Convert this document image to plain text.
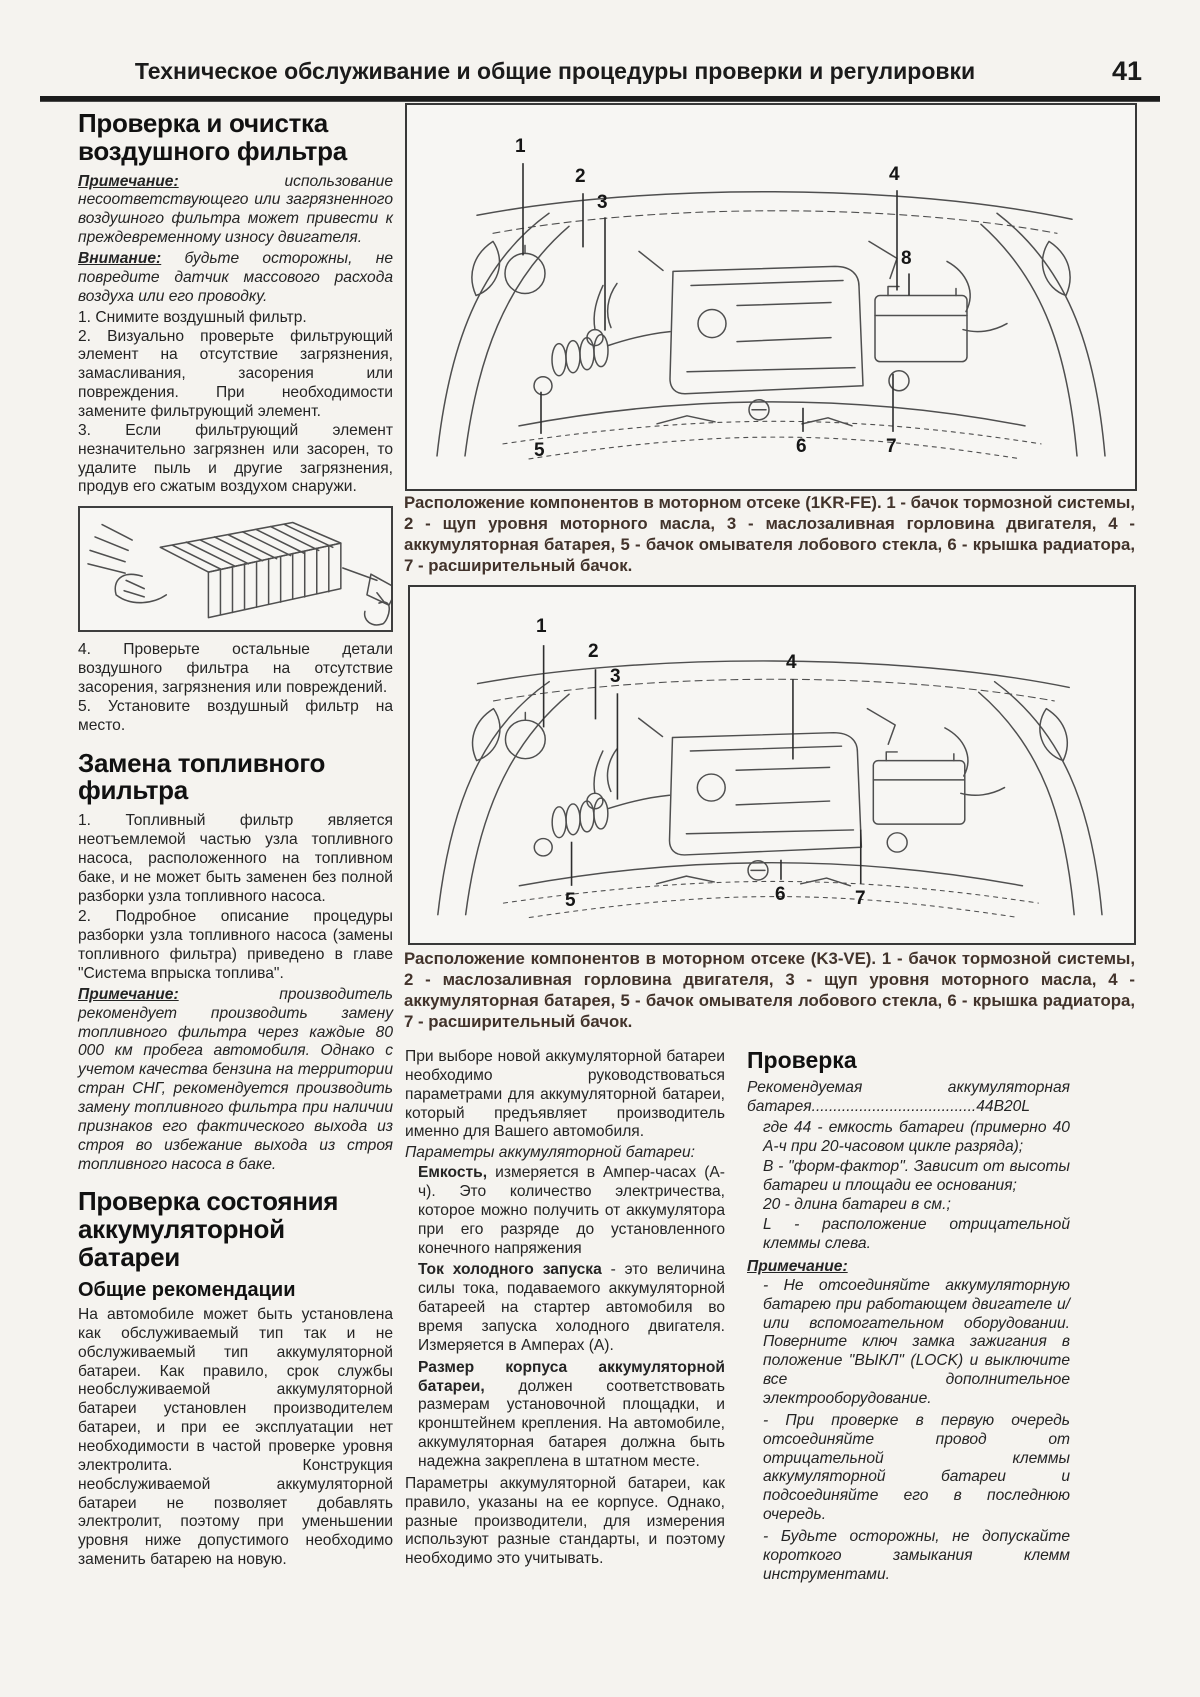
Техническое обслуживание и общие процедуры проверки и регулировки	41
Проверка и очистка воздушного фильтра

Примечание: использование несоответствующего или загрязненного воздушного фильтра может привести к преждевременному износу двигателя.

Внимание: будьте осторожны, не повредите датчик массового расхода воздуха или его проводку.

1. Снимите воздушный фильтр.

2. Визуально проверьте фильтрующий элемент на отсутствие загрязнения, замасливания, засорения или повреждения. При необходимости замените фильтрующий элемент.

3. Если фильтрующий элемент незначительно загрязнен или засорен, то удалите пыль и другие загрязнения, продув его сжатым воздухом снаружи.

4. Проверьте остальные детали воздушного фильтра на отсутствие засорения, загрязнения или повреждений.

5. Установите воздушный фильтр на место.

Замена топливного фильтра

1. Топливный фильтр является неотъемлемой частью узла топливного насоса, расположенного на топливном баке, и не может быть заменен без полной разборки узла топливного насоса.

2. Подробное описание процедуры разборки узла топливного насоса (замены топливного фильтра) приведено в главе "Система впрыска топлива".

Примечание: производитель рекомендует производить замену топливного фильтра через каждые 80 000 км пробега автомобиля. Однако с учетом качества бензина на территории стран СНГ, рекомендуется производить замену топливного фильтра при наличии признаков его фактического выхода из строя во избежание выхода из строя топливного насоса в баке.

Проверка состояния аккумуляторной батареи
Общие рекомендации

На автомобиле может быть установлена как обслуживаемый тип так и не обслуживаемый тип аккумуляторной батареи. Как правило, срок службы необслуживаемой аккумуляторной батареи установлен производителем батареи, и при ее эксплуатации нет необходимости в частой проверке уровня электролита. Конструкция необслуживаемой аккумуляторной батареи не позволяет добавлять электролит, поэтому при уменьшении уровня ниже допустимого необходимо заменить батарею на новую.

1
2
3
4
8
5	6	7

Расположение компонентов в моторном отсеке (1KR-FE). 1 - бачок тормозной системы, 2 - щуп уровня моторного масла, 3 - маслозаливная горловина двигателя, 4 - аккумуляторная батарея, 5 - бачок омывателя лобового стекла, 6 - крышка радиатора, 7 - расширительный бачок.

1
2
3
4
5	6	7

Расположение компонентов в моторном отсеке (K3-VE). 1 - бачок тормозной системы, 2 - маслозаливная горловина двигателя, 3 - щуп уровня моторного масла, 4 - аккумуляторная батарея, 5 - бачок омывателя лобового стекла, 6 - крышка радиатора, 7 - расширительный бачок.

При выборе новой аккумуляторной батареи необходимо руководствоваться параметрами для аккумуляторной батареи, который предъявляет производитель именно для Вашего автомобиля.

Параметры аккумуляторной батареи:

Емкость, измеряется в Ампер-часах (А-ч). Это количество электричества, которое можно получить от аккумулятора при его разряде до установленного конечного напряжения

Ток холодного запуска - это величина силы тока, подаваемого аккумуляторной батареей на стартер автомобиля во время запуска холодного двигателя. Измеряется в Амперах (А).

Размер корпуса аккумуляторной батареи, должен соответствовать размерам установочной площадки, и кронштейнем крепления. На автомобиле, аккумуляторная батарея должна быть надежна закреплена в штатном месте.

Параметры аккумуляторной батареи, как правило, указаны на ее корпусе. Однако, разные производители, для измерения используют разные стандарты, и поэтому необходимо это учитывать.

Проверка

Рекомендуемая аккумуляторная батарея......................................44B20L

где 44 - емкость батареи (примерно 40 А-ч при 20-часовом цикле разряда);

B - "форм-фактор". Зависит от высоты батареи и площади ее основания;

20 - длина батареи в см.;

L - расположение отрицательной клеммы слева.

Примечание:

- Не отсоединяйте аккумуляторную батарею при работающем двигателе и/или вспомогательном оборудовании. Поверните ключ замка зажигания в положение "ВЫКЛ" (LOCK) и выключите все дополнительное электрооборудование.

- При проверке в первую очередь отсоединяйте провод от отрицательной клеммы аккумуляторной батареи и подсоединяйте его в последнюю очередь.

- Будьте осторожны, не допускайте короткого замыкания клемм инструментами.
